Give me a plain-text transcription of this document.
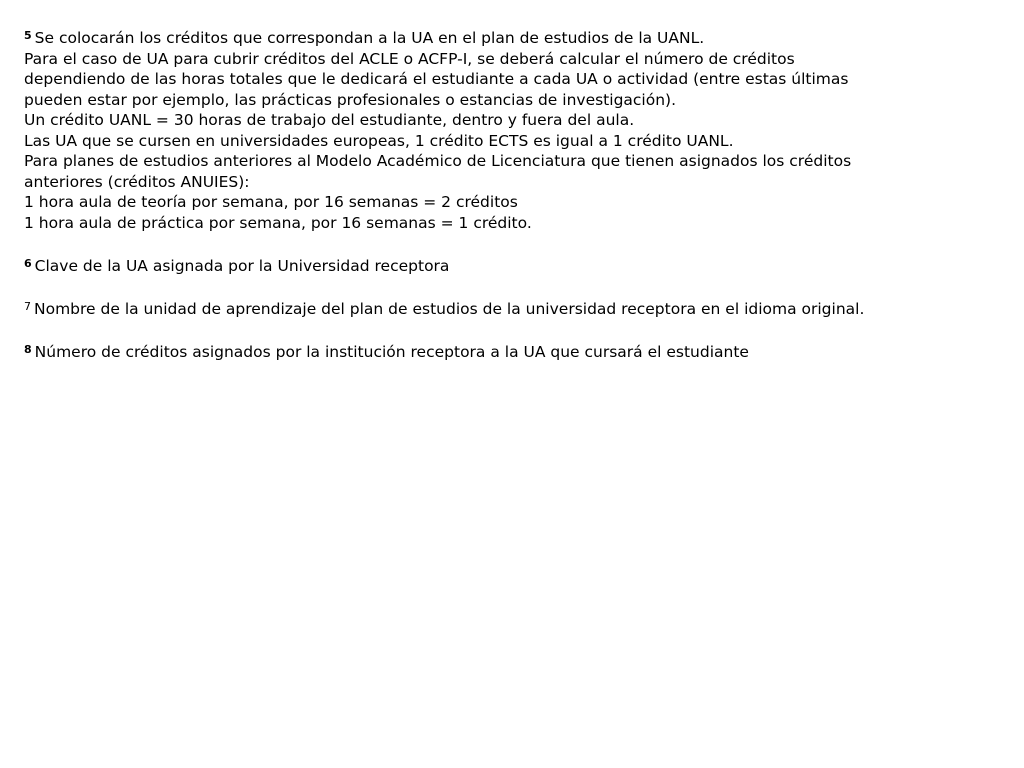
$^5$ Se colocarán los créditos que correspondan a la UA en el plan de estudios de la UANL.
Para el caso de UA para cubrir créditos del ACLE o ACFP-I, se deberá calcular el número de créditos
dependiendo de las horas totales que le dedicará el estudiante a cada UA o actividad (entre estas últimas
pueden estar por ejemplo, las prácticas profesionales o estancias de investigación).
Un crédito UANL = 30 horas de trabajo del estudiante, dentro y fuera del aula.
Las UA que se cursen en universidades europeas, 1 crédito ECTS es igual a 1 crédito UANL.
Para planes de estudios anteriores al Modelo Académico de Licenciatura que tienen asignados los créditos
anteriores (créditos ANUIES):
1 hora aula de teoría por semana, por 16 semanas = 2 créditos
1 hora aula de práctica por semana, por 16 semanas = 1 crédito.
$^6$ Clave de la UA asignada por la Universidad receptora
$^7$ Nombre de la unidad de aprendizaje del plan de estudios de la universidad receptora en el idioma original.
$^8$ Número de créditos asignados por la institución receptora a la UA que cursará el estudiante
